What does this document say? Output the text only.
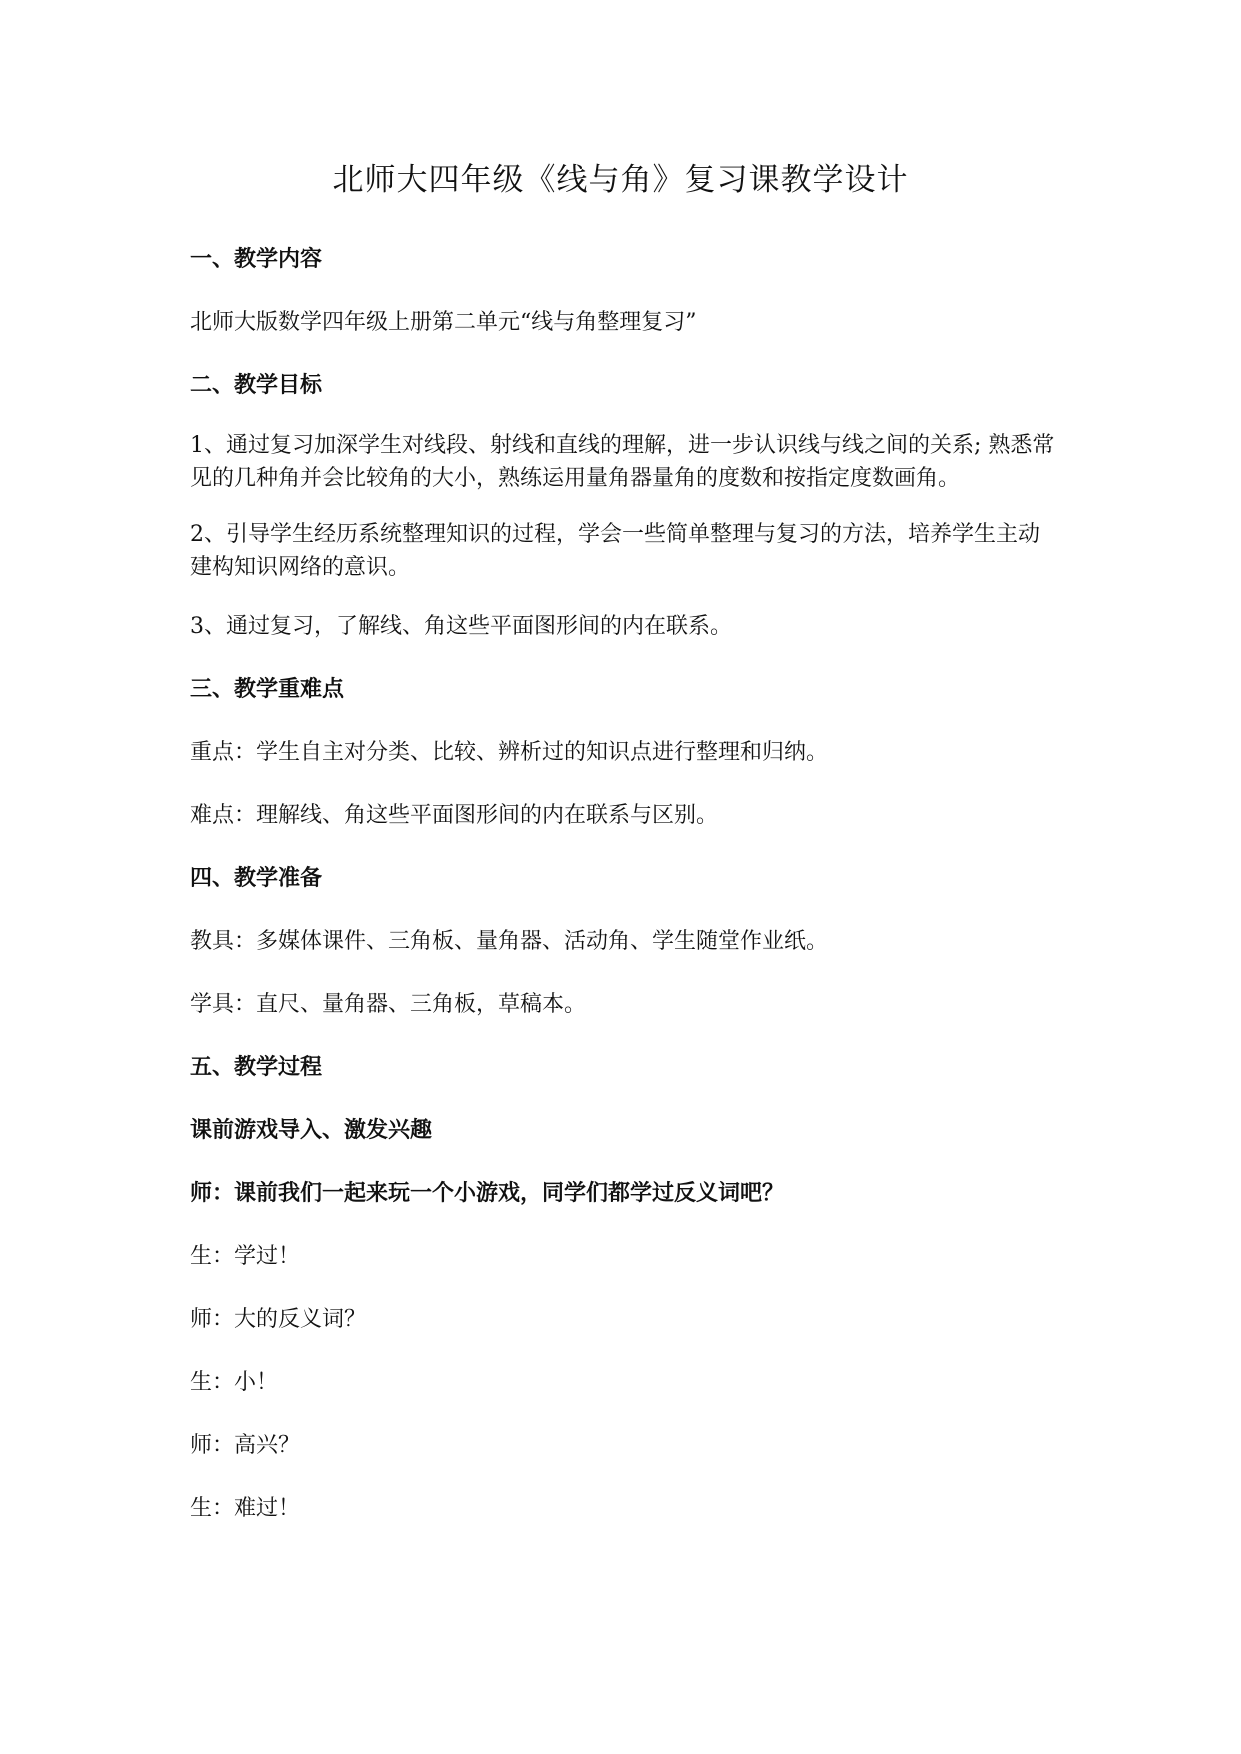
北师大四年级《线与角》复习课教学设计
一、教学内容
北师大版数学四年级上册第二单元“线与角整理复习”
二、教学目标
1、通过复习加深学生对线段、射线和直线的理解，进一步认识线与线之间的关系; 熟悉常见的几种角并会比较角的大小，熟练运用量角器量角的度数和按指定度数画角。
2、引导学生经历系统整理知识的过程，学会一些简单整理与复习的方法，培养学生主动建构知识网络的意识。
3、通过复习，了解线、角这些平面图形间的内在联系。
三、教学重难点
重点：学生自主对分类、比较、辨析过的知识点进行整理和归纳。
难点：理解线、角这些平面图形间的内在联系与区别。
四、教学准备
教具：多媒体课件、三角板、量角器、活动角、学生随堂作业纸。
学具：直尺、量角器、三角板，草稿本。
五、教学过程
课前游戏导入、激发兴趣
师：课前我们一起来玩一个小游戏，同学们都学过反义词吧？
生：学过！
师：大的反义词？
生：小！
师：高兴？
生：难过！
